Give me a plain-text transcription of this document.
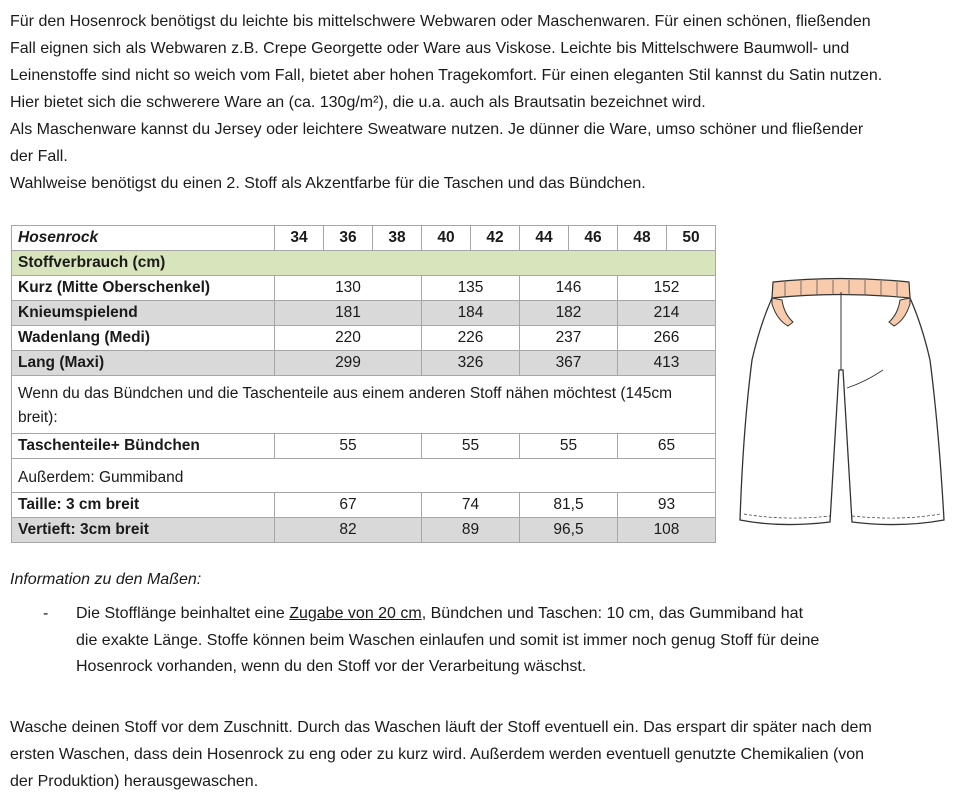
Für den Hosenrock benötigst du leichte bis mittelschwere Webwaren oder Maschenwaren. Für einen schönen, fließenden Fall eignen sich als Webwaren z.B. Crepe Georgette oder Ware aus Viskose. Leichte bis Mittelschwere Baumwoll- und Leinenstoffe sind nicht so weich vom Fall, bietet aber hohen Tragekomfort. Für einen eleganten Stil kannst du Satin nutzen. Hier bietet sich die schwerere Ware an (ca. 130g/m²), die u.a. auch als Brautsatin bezeichnet wird.

Als Maschenware kannst du Jersey oder leichtere Sweatware nutzen. Je dünner die Ware, umso schöner und fließender der Fall.

Wahlweise benötigst du einen 2. Stoff als Akzentfarbe für die Taschen und das Bündchen.

Hosenrock	34	36	38	40	42	44	46	48	50
Stoffverbrauch (cm)									
Kurz (Mitte Oberschenkel)	130			135		146		152	
Knieumspielend	181			184		182		214	
Wadenlang (Medi)	220			226		237		266	
Lang (Maxi)	299			326		367		413	
Wenn du das Bündchen und die Taschenteile aus einem anderen Stoff nähen möchtest (145cm breit):									
Taschenteile+ Bündchen	55			55		55		65	
Außerdem: Gummiband									
Taille: 3 cm breit	67			74		81,5		93	
Vertieft: 3cm breit	82			89		96,5		108	
Information zu den Maßen:
- Die Stofflänge beinhaltet eine Zugabe von 20 cm, Bündchen und Taschen: 10 cm, das Gummiband hat die exakte Länge. Stoffe können beim Waschen einlaufen und somit ist immer noch genug Stoff für deine Hosenrock vorhanden, wenn du den Stoff vor der Verarbeitung wäschst.

Wasche deinen Stoff vor dem Zuschnitt. Durch das Waschen läuft der Stoff eventuell ein. Das erspart dir später nach dem ersten Waschen, dass dein Hosenrock zu eng oder zu kurz wird. Außerdem werden eventuell genutzte Chemikalien (von der Produktion) herausgewaschen.
